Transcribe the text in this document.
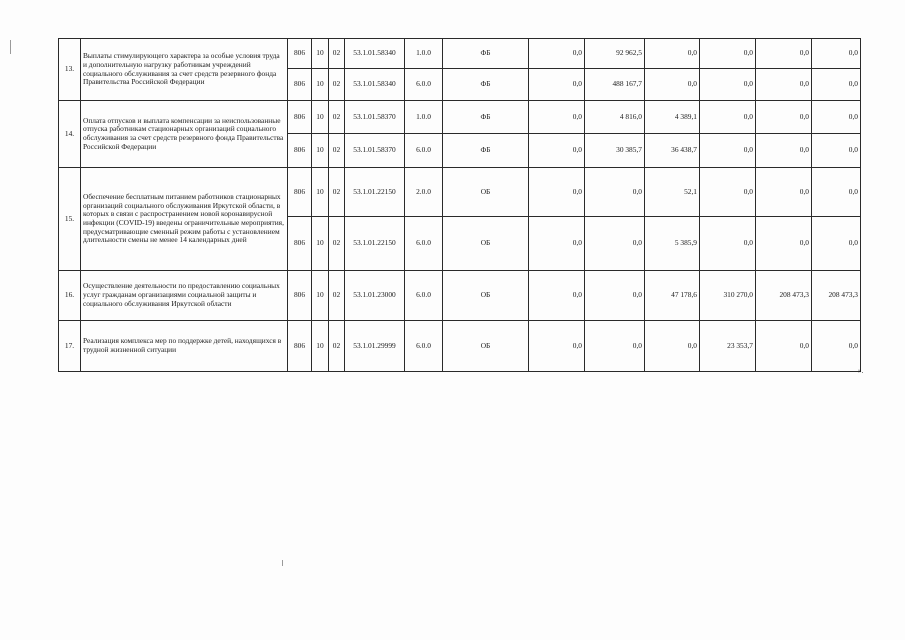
13.	Выплаты стимулирующего характера за особые условия труда и дополнительную нагрузку работникам учреждений социального обслуживания за счет средств резервного фонда Правительства Российской Федерации	806	10	02	53.1.01.58340	1.0.0	ФБ	0,0	92 962,5	0,0	0,0	0,0	0,0
		806	10	02	53.1.01.58340	6.0.0	ФБ	0,0	488 167,7	0,0	0,0	0,0	0,0
14.	Оплата отпусков и выплата компенсации за неиспользованные отпуска работникам стационарных организаций социального обслуживания за счет средств резервного фонда Правительства Российской Федерации	806	10	02	53.1.01.58370	1.0.0	ФБ	0,0	4 816,0	4 389,1	0,0	0,0	0,0
		806	10	02	53.1.01.58370	6.0.0	ФБ	0,0	30 385,7	36 438,7	0,0	0,0	0,0
15.	Обеспечение бесплатным питанием работников стационарных организаций социального обслуживания Иркутской области, в которых в связи с распространением новой коронавирусной инфекции (COVID-19) введены ограничительные мероприятия, предусматривающие сменный режим работы с установлением длительности смены не менее 14 календарных дней	806	10	02	53.1.01.22150	2.0.0	ОБ	0,0	0,0	52,1	0,0	0,0	0,0
		806	10	02	53.1.01.22150	6.0.0	ОБ	0,0	0,0	5 385,9	0,0	0,0	0,0
16.	Осуществление деятельности по предоставлению социальных услуг гражданам организациями социальной защиты и социального обслуживания Иркутской области	806	10	02	53.1.01.23000	6.0.0	ОБ	0,0	0,0	47 178,6	310 270,0	208 473,3	208 473,3
17.	Реализация комплекса мер по поддержке детей, находящихся в трудной жизненной ситуации	806	10	02	53.1.01.29999	6.0.0	ОБ	0,0	0,0	0,0	23 353,7	0,0	0,0
».
